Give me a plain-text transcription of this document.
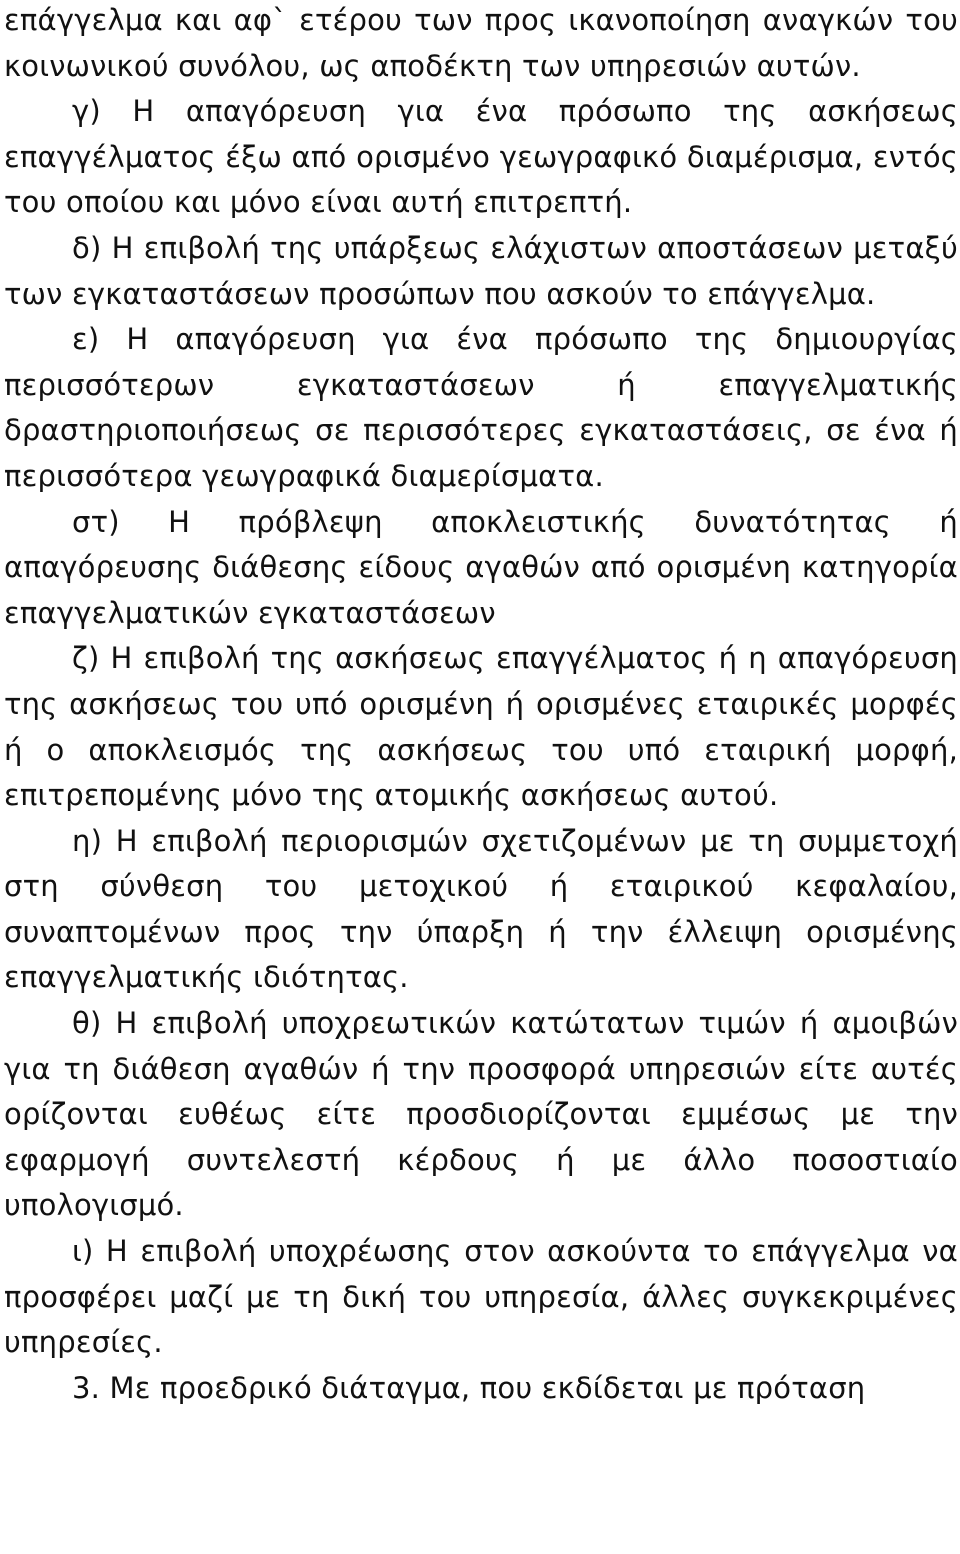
επάγγελμα και αφ` ετέρου των προς ικανοποίηση αναγκών του κοινωνικού συνόλου, ως αποδέκτη των υπηρεσιών αυτών.

γ) Η απαγόρευση για ένα πρόσωπο της ασκήσεως επαγγέλματος έξω από ορισμένο γεωγραφικό διαμέρισμα, εντός του οποίου και μόνο είναι αυτή επιτρεπτή.

δ) Η επιβολή της υπάρξεως ελάχιστων αποστάσεων μεταξύ των εγκαταστάσεων προσώπων που ασκούν το επάγγελμα.

ε) Η απαγόρευση για ένα πρόσωπο της δημιουργίας περισσότερων εγκαταστάσεων ή επαγγελματικής δραστηριοποιήσεως σε περισσότερες εγκαταστάσεις, σε ένα ή περισσότερα γεωγραφικά διαμερίσματα.

στ) Η πρόβλεψη αποκλειστικής δυνατότητας ή απαγόρευσης διάθεσης είδους αγαθών από ορισμένη κατηγορία επαγγελματικών εγκαταστάσεων

ζ) Η επιβολή της ασκήσεως επαγγέλματος ή η απαγόρευση της ασκήσεως του υπό ορισμένη ή ορισμένες εταιρικές μορφές ή ο αποκλεισμός της ασκήσεως του υπό εταιρική μορφή, επιτρεπομένης μόνο της ατομικής ασκήσεως αυτού.

η) Η επιβολή περιορισμών σχετιζομένων με τη συμμετοχή στη σύνθεση του μετοχικού ή εταιρικού κεφαλαίου, συναπτομένων προς την ύπαρξη ή την έλλειψη ορισμένης επαγγελματικής ιδιότητας.

θ) Η επιβολή υποχρεωτικών κατώτατων τιμών ή αμοιβών για τη διάθεση αγαθών ή την προσφορά υπηρεσιών είτε αυτές ορίζονται ευθέως είτε προσδιορίζονται εμμέσως με την εφαρμογή συντελεστή κέρδους ή με άλλο ποσοστιαίο υπολογισμό.

ι) Η επιβολή υποχρέωσης στον ασκούντα το επάγγελμα να προσφέρει μαζί με τη δική του υπηρεσία, άλλες συγκεκριμένες υπηρεσίες.

3. Με προεδρικό διάταγμα, που εκδίδεται με πρόταση
